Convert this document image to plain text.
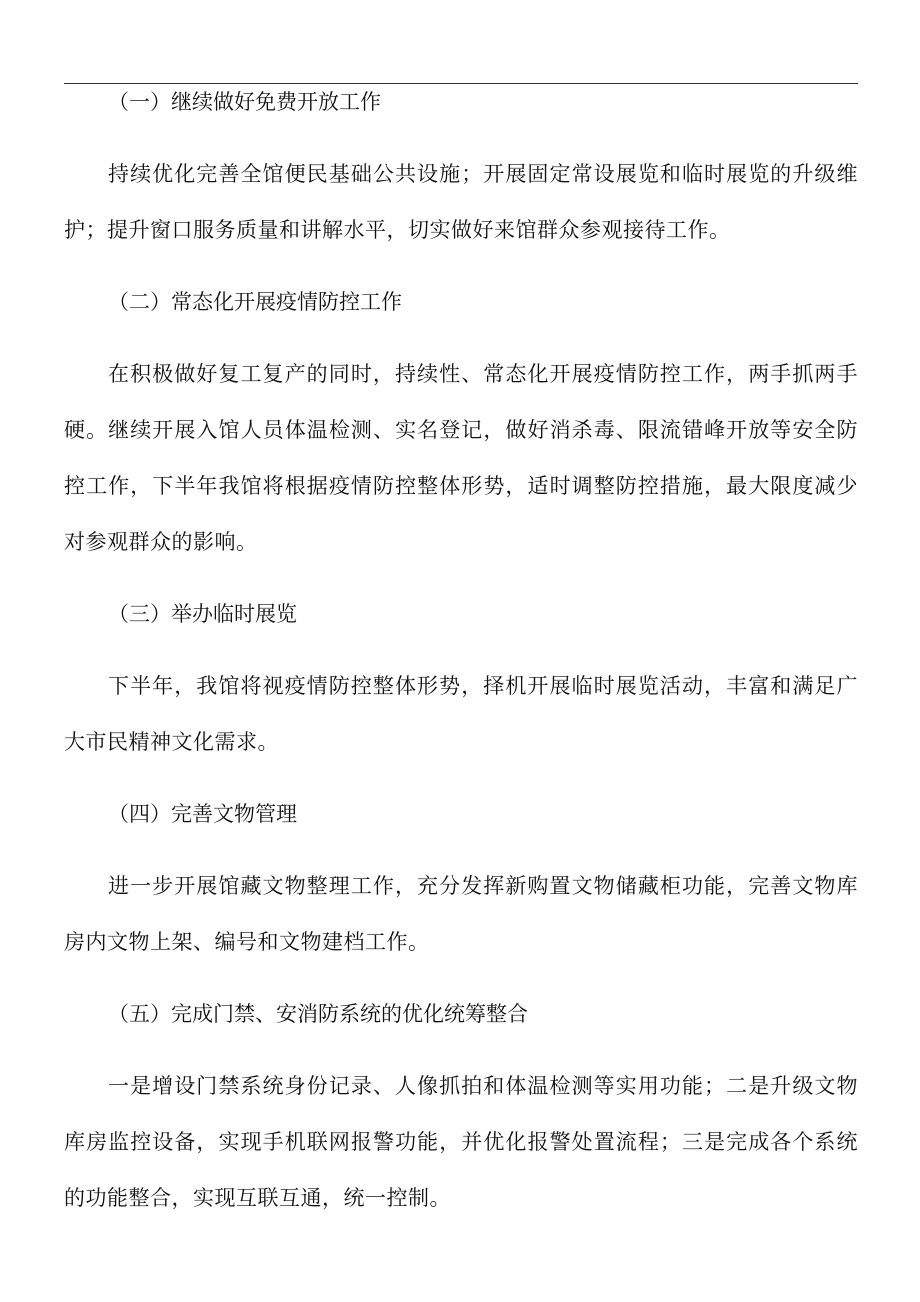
（一）继续做好免费开放工作

持续优化完善全馆便民基础公共设施；开展固定常设展览和临时展览的升级维护；提升窗口服务质量和讲解水平，切实做好来馆群众参观接待工作。

（二）常态化开展疫情防控工作

在积极做好复工复产的同时，持续性、常态化开展疫情防控工作，两手抓两手硬。继续开展入馆人员体温检测、实名登记，做好消杀毒、限流错峰开放等安全防控工作，下半年我馆将根据疫情防控整体形势，适时调整防控措施，最大限度减少对参观群众的影响。

（三）举办临时展览

下半年，我馆将视疫情防控整体形势，择机开展临时展览活动，丰富和满足广大市民精神文化需求。

（四）完善文物管理

进一步开展馆藏文物整理工作，充分发挥新购置文物储藏柜功能，完善文物库房内文物上架、编号和文物建档工作。

（五）完成门禁、安消防系统的优化统筹整合

一是增设门禁系统身份记录、人像抓拍和体温检测等实用功能；二是升级文物库房监控设备，实现手机联网报警功能，并优化报警处置流程；三是完成各个系统的功能整合，实现互联互通，统一控制。
